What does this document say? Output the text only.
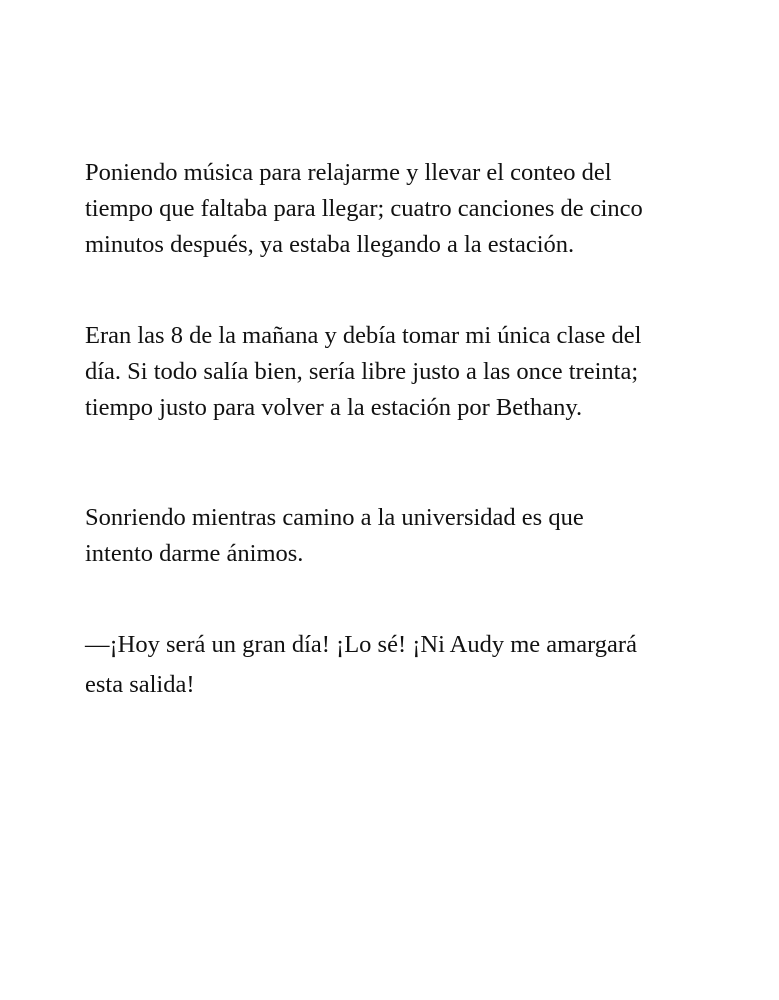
Poniendo música para relajarme y llevar el conteo del
tiempo que faltaba para llegar; cuatro canciones de cinco
minutos después, ya estaba llegando a la estación.

Eran las 8 de la mañana y debía tomar mi única clase del
día. Si todo salía bien, sería libre justo a las once treinta;
tiempo justo para volver a la estación por Bethany.

Sonriendo mientras camino a la universidad es que
intento darme ánimos.

—¡Hoy será un gran día! ¡Lo sé! ¡Ni Audy me amargará
esta salida!
